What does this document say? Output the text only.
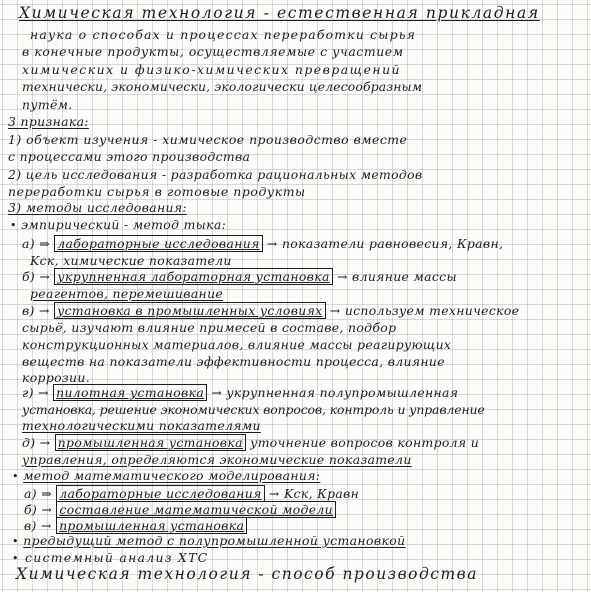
Химическая технология - естественная прикладная
наука о способах и процессах переработки сырья
в конечные продукты, осуществляемые с участием
химических и физико-химических превращений
технически, экономически, экологически целесообразным
путём.
3 признака:
1) объект изучения - химическое производство вместе
с процессами этого производства
2) цель исследования - разработка рациональных методов
переработки сырья в готовые продукты
3) методы исследования:
• эмпирический - метод тыка:
а) ⇒ лабораторные исследования → показатели равновесия, Кравн,
Kск, химические показатели
б) → укрупненная лабораторная установка → влияние массы
реагентов, перемешивание
в) → установка в промышленных условиях → используем техническое
сырьё, изучают влияние примесей в составе, подбор
конструкционных материалов, влияние массы реагирующих
веществ на показатели эффективности процесса, влияние
коррозии.
г) → пилотная установка → укрупненная полупромышленная
установка, решение экономических вопросов, контроль и управление
технологическими показателями
д) → промышленная установка уточнение вопросов контроля и
управления, определяются экономические показатели
• метод математического моделирования:
а) ⇒ лабораторные исследования → Kск, Кравн
б) → составление математической модели
в) → промышленная установка
• предыдущий метод с полупромышленной установкой
• системный анализ ХТС
Химическая технология - способ производства
